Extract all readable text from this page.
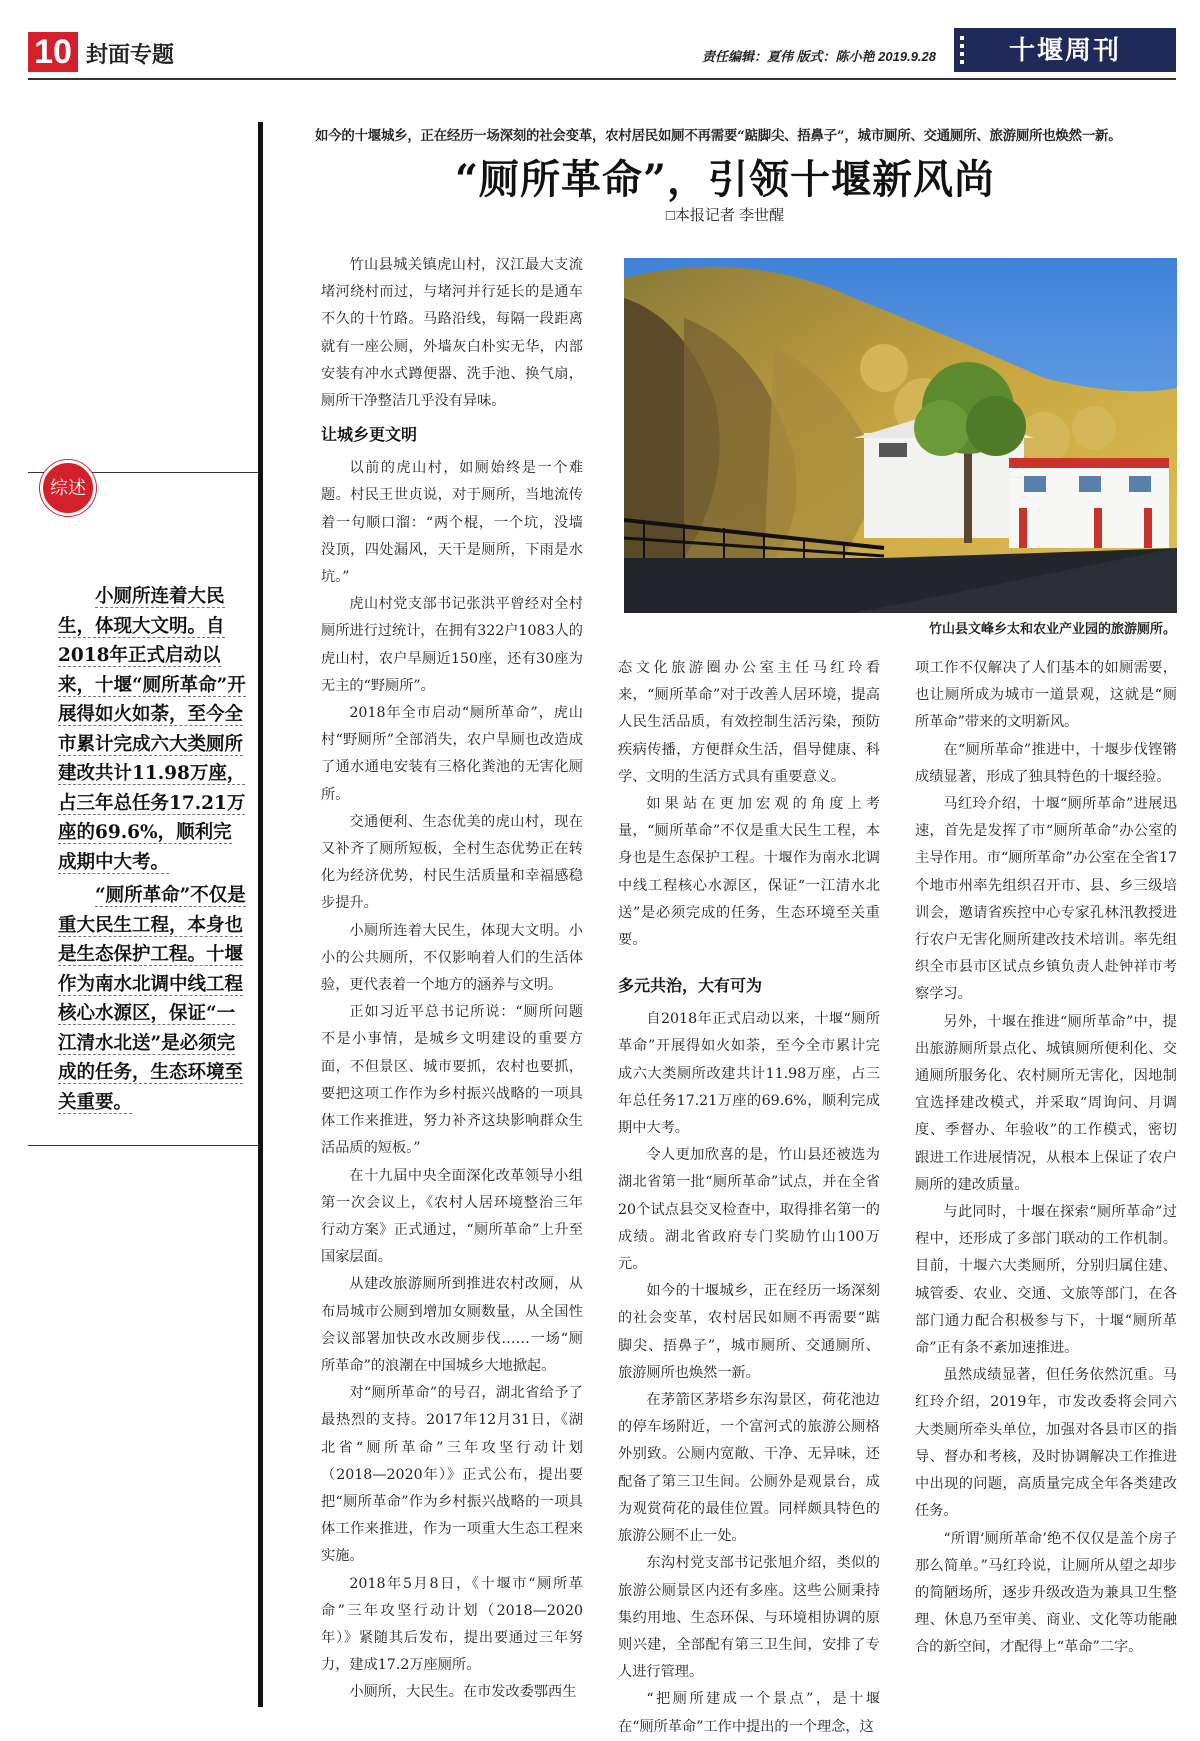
10 封面专题	责任编辑：夏伟 版式：陈小艳 2019.9.28	十堰周刊
综述

小厕所连着大民生，体现大文明。自2018年正式启动以来，十堰“厕所革命”开展得如火如荼，至今全市累计完成六大类厕所建改共计11.98万座，占三年总任务17.21万座的69.6%，顺利完成期中大考。

“厕所革命”不仅是重大民生工程，本身也是生态保护工程。十堰作为南水北调中线工程核心水源区，保证“一江清水北送”是必须完成的任务，生态环境至关重要。

如今的十堰城乡，正在经历一场深刻的社会变革，农村居民如厕不再需要“踮脚尖、捂鼻子”，城市厕所、交通厕所、旅游厕所也焕然一新。
“厕所革命”，引领十堰新风尚
□本报记者 李世醒
竹山县文峰乡太和农业产业园的旅游厕所。

竹山县城关镇虎山村，汉江最大支流堵河绕村而过，与堵河并行延长的是通车不久的十竹路。马路沿线，每隔一段距离就有一座公厕，外墙灰白朴实无华，内部安装有冲水式蹲便器、洗手池、换气扇，厕所干净整洁几乎没有异味。

让城乡更文明

以前的虎山村，如厕始终是一个难题。村民王世贞说，对于厕所，当地流传着一句顺口溜：“两个棍，一个坑，没墙没顶，四处漏风，天干是厕所，下雨是水坑。”

虎山村党支部书记张洪平曾经对全村厕所进行过统计，在拥有322户1083人的虎山村，农户旱厕近150座，还有30座为无主的“野厕所”。

2018年全市启动“厕所革命”，虎山村“野厕所”全部消失，农户旱厕也改造成了通水通电安装有三格化粪池的无害化厕所。

交通便利、生态优美的虎山村，现在又补齐了厕所短板，全村生态优势正在转化为经济优势，村民生活质量和幸福感稳步提升。

小厕所连着大民生，体现大文明。小小的公共厕所，不仅影响着人们的生活体验，更代表着一个地方的涵养与文明。

正如习近平总书记所说：“厕所问题不是小事情，是城乡文明建设的重要方面，不但景区、城市要抓，农村也要抓，要把这项工作作为乡村振兴战略的一项具体工作来推进，努力补齐这块影响群众生活品质的短板。”

在十九届中央全面深化改革领导小组第一次会议上，《农村人居环境整治三年行动方案》正式通过，“厕所革命”上升至国家层面。

从建改旅游厕所到推进农村改厕，从布局城市公厕到增加女厕数量，从全国性会议部署加快改水改厕步伐……一场“厕所革命”的浪潮在中国城乡大地掀起。

对“厕所革命”的号召，湖北省给予了最热烈的支持。2017年12月31日，《湖北省“厕所革命”三年攻坚行动计划（2018—2020年）》正式公布，提出要把“厕所革命”作为乡村振兴战略的一项具体工作来推进，作为一项重大生态工程来实施。

2018年5月8日，《十堰市“厕所革命”三年攻坚行动计划（2018—2020年）》紧随其后发布，提出要通过三年努力，建成17.2万座厕所。

小厕所，大民生。在市发改委鄂西生

态文化旅游圈办公室主任马红玲看来，“厕所革命”对于改善人居环境，提高人民生活品质，有效控制生活污染，预防疾病传播，方便群众生活，倡导健康、科学、文明的生活方式具有重要意义。

如果站在更加宏观的角度上考量，“厕所革命”不仅是重大民生工程，本身也是生态保护工程。十堰作为南水北调中线工程核心水源区，保证“一江清水北送”是必须完成的任务，生态环境至关重要。

多元共治，大有可为

自2018年正式启动以来，十堰“厕所革命”开展得如火如荼，至今全市累计完成六大类厕所改建共计11.98万座，占三年总任务17.21万座的69.6%，顺利完成期中大考。

令人更加欣喜的是，竹山县还被选为湖北省第一批“厕所革命”试点，并在全省20个试点县交叉检查中，取得排名第一的成绩。湖北省政府专门奖励竹山100万元。

如今的十堰城乡，正在经历一场深刻的社会变革，农村居民如厕不再需要“踮脚尖、捂鼻子”，城市厕所、交通厕所、旅游厕所也焕然一新。

在茅箭区茅塔乡东沟景区，荷花池边的停车场附近，一个富河式的旅游公厕格外别致。公厕内宽敞、干净、无异味，还配备了第三卫生间。公厕外是观景台，成为观赏荷花的最佳位置。同样颇具特色的旅游公厕不止一处。

东沟村党支部书记张旭介绍，类似的旅游公厕景区内还有多座。这些公厕秉持集约用地、生态环保、与环境相协调的原则兴建，全部配有第三卫生间，安排了专人进行管理。

“把厕所建成一个景点”，是十堰在“厕所革命”工作中提出的一个理念，这

项工作不仅解决了人们基本的如厕需要，也让厕所成为城市一道景观，这就是“厕所革命”带来的文明新风。

在“厕所革命”推进中，十堰步伐铿锵成绩显著，形成了独具特色的十堰经验。

马红玲介绍，十堰“厕所革命”进展迅速，首先是发挥了市“厕所革命”办公室的主导作用。市“厕所革命”办公室在全省17个地市州率先组织召开市、县、乡三级培训会，邀请省疾控中心专家孔林汛教授进行农户无害化厕所建改技术培训。率先组织全市县市区试点乡镇负责人赴钟祥市考察学习。

另外，十堰在推进“厕所革命”中，提出旅游厕所景点化、城镇厕所便利化、交通厕所服务化、农村厕所无害化，因地制宜选择建改模式，并采取“周询问、月调度、季督办、年验收”的工作模式，密切跟进工作进展情况，从根本上保证了农户厕所的建改质量。

与此同时，十堰在探索“厕所革命”过程中，还形成了多部门联动的工作机制。目前，十堰六大类厕所，分别归属住建、城管委、农业、交通、文旅等部门，在各部门通力配合积极参与下，十堰“厕所革命”正有条不紊加速推进。

虽然成绩显著，但任务依然沉重。马红玲介绍，2019年，市发改委将会同六大类厕所牵头单位，加强对各县市区的指导、督办和考核，及时协调解决工作推进中出现的问题，高质量完成全年各类建改任务。

“所谓‘厕所革命’绝不仅仅是盖个房子那么简单。”马红玲说，让厕所从望之却步的简陋场所，逐步升级改造为兼具卫生整理、休息乃至审美、商业、文化等功能融合的新空间，才配得上“革命”二字。
